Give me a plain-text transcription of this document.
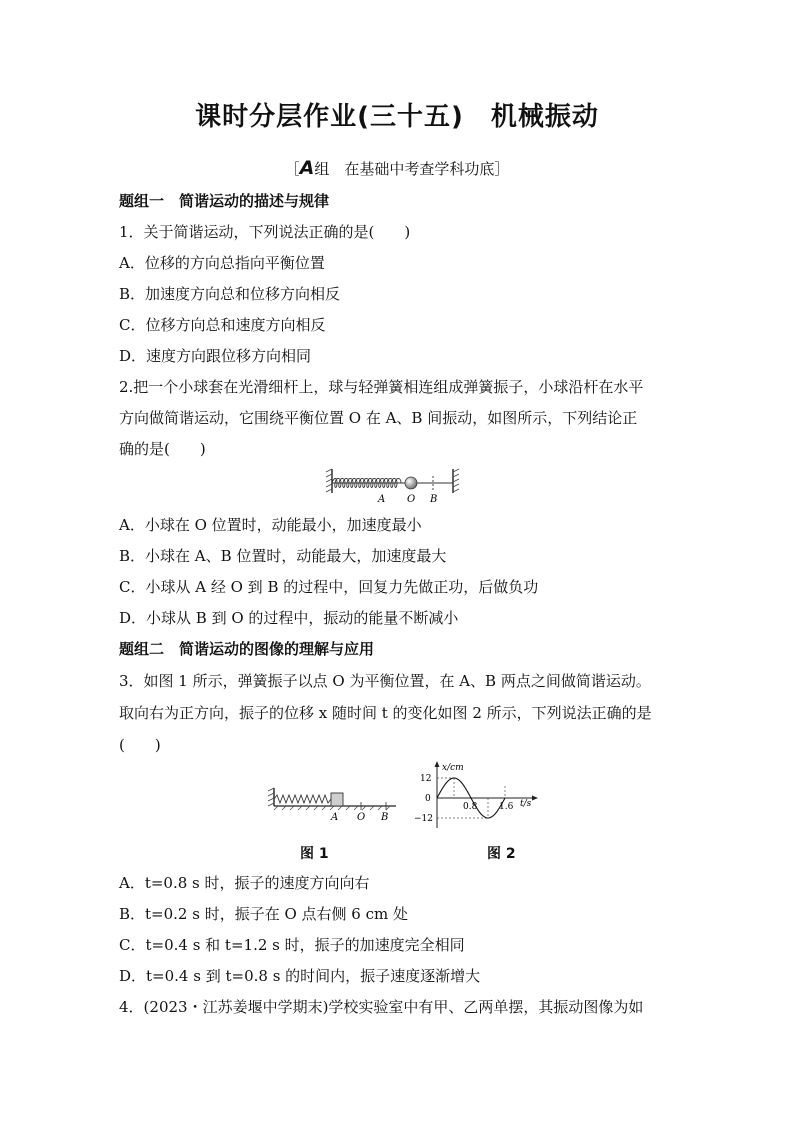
课时分层作业(三十五)　机械振动
［A组　在基础中考查学科功底］
题组一　简谐运动的描述与规律
1．关于简谐运动，下列说法正确的是(　　)
A．位移的方向总指向平衡位置
B．加速度方向总和位移方向相反
C．位移方向总和速度方向相反
D．速度方向跟位移方向相同
2.把一个小球套在光滑细杆上，球与轻弹簧相连组成弹簧振子，小球沿杆在水平
方向做简谐运动，它围绕平衡位置 O 在 A、B 间振动，如图所示，下列结论正
确的是(　　)
A O B
A．小球在 O 位置时，动能最小，加速度最小
B．小球在 A、B 位置时，动能最大，加速度最大
C．小球从 A 经 O 到 B 的过程中，回复力先做正功，后做负功
D．小球从 B 到 O 的过程中，振动的能量不断减小
题组二　简谐运动的图像的理解与应用
3．如图 1 所示，弹簧振子以点 O 为平衡位置，在 A、B 两点之间做简谐运动。
取向右为正方向，振子的位移 x 随时间 t 的变化如图 2 所示，下列说法正确的是
(　　)
A O B
x/cm
12
0
−12
0.8 1.6 t/s
图 1	图 2
A．t=0.8 s 时，振子的速度方向向右
B．t=0.2 s 时，振子在 O 点右侧 6 cm 处
C．t=0.4 s 和 t=1.2 s 时，振子的加速度完全相同
D．t=0.4 s 到 t=0.8 s 的时间内，振子速度逐渐增大
4．(2023・江苏姜堰中学期末)学校实验室中有甲、乙两单摆，其振动图像为如
